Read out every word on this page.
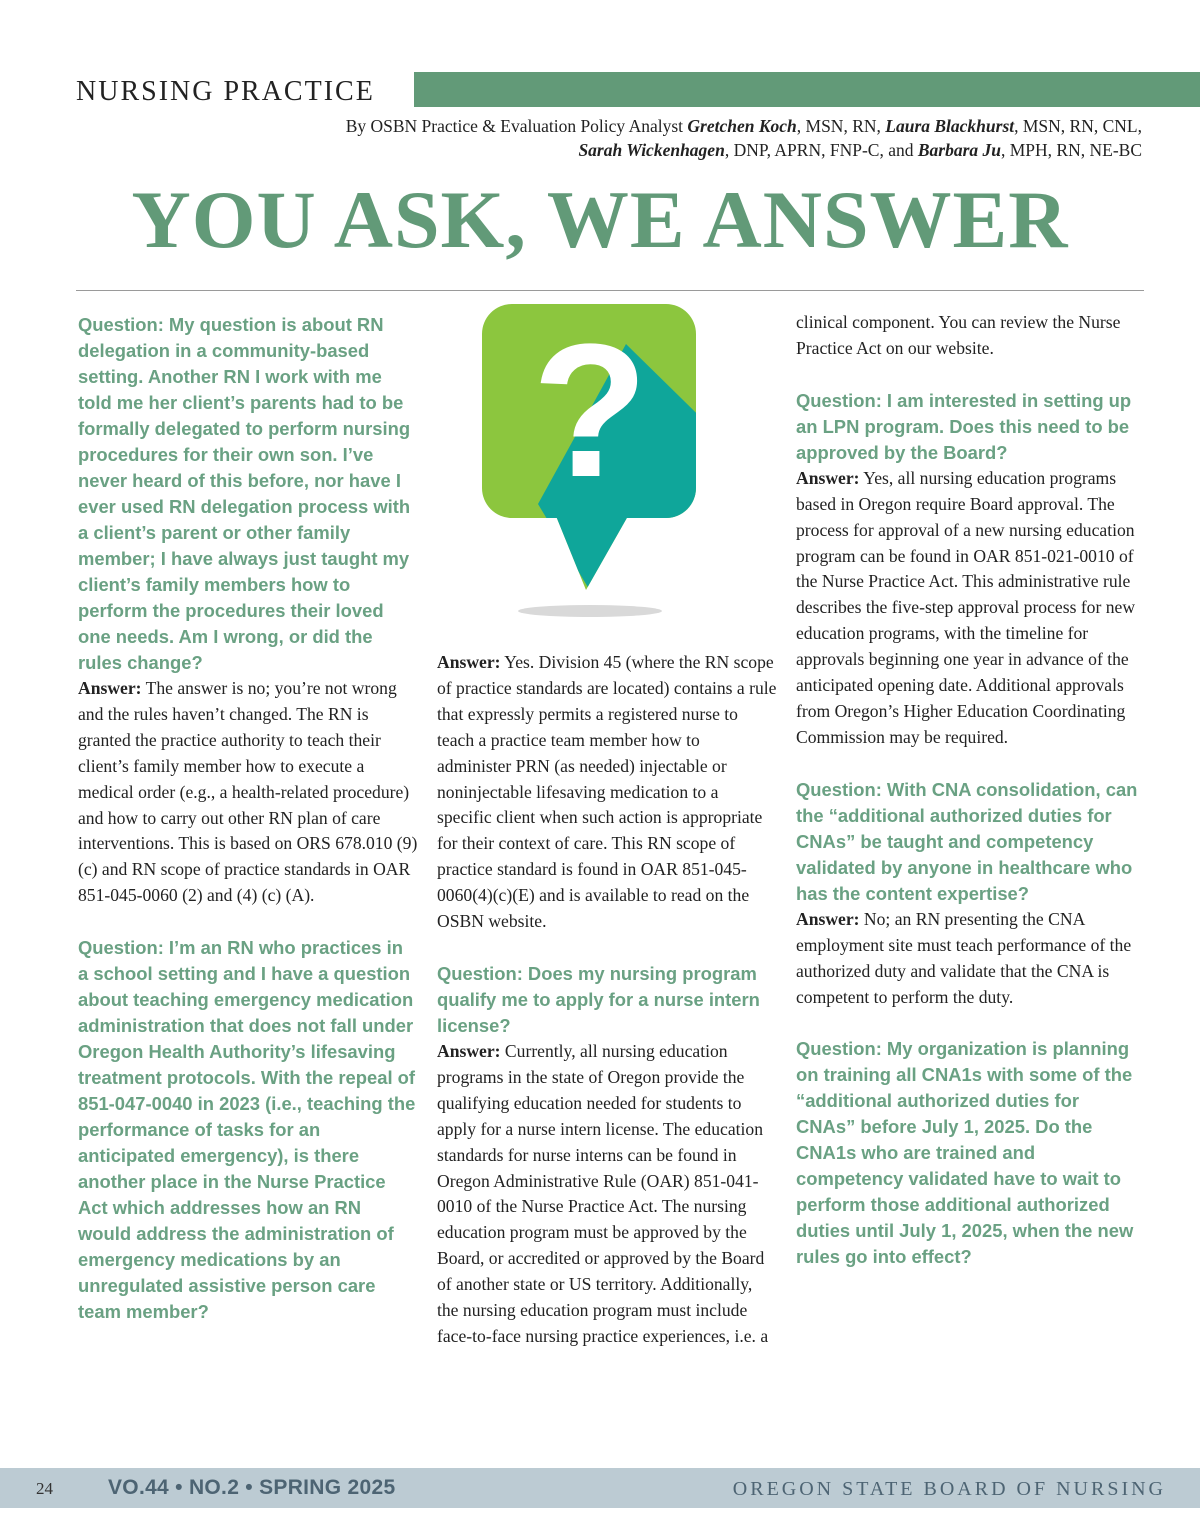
NURSING PRACTICE
By OSBN Practice & Evaluation Policy Analyst Gretchen Koch, MSN, RN, Laura Blackhurst, MSN, RN, CNL,
Sarah Wickenhagen, DNP, APRN, FNP-C, and Barbara Ju, MPH, RN, NE-BC
YOU ASK, WE ANSWER

Question: My question is about RN delegation in a community-based setting. Another RN I work with me told me her client’s parents had to be formally delegated to perform nursing procedures for their own son. I’ve never heard of this before, nor have I ever used RN delegation process with a client’s parent or other family member; I have always just taught my client’s family members how to perform the procedures their loved one needs. Am I wrong, or did the rules change?

Answer: The answer is no; you’re not wrong and the rules haven’t changed. The RN is granted the practice authority to teach their client’s family member how to execute a medical order (e.g., a health-related procedure) and how to carry out other RN plan of care interventions. This is based on ORS 678.010 (9) (c) and RN scope of practice standards in OAR 851-045-0060 (2) and (4) (c) (A).

Question: I’m an RN who practices in a school setting and I have a question about teaching emergency medication administration that does not fall under Oregon Health Authority’s lifesaving treatment protocols. With the repeal of 851-047-0040 in 2023 (i.e., teaching the performance of tasks for an anticipated emergency), is there another place in the Nurse Practice Act which addresses how an RN would address the administration of emergency medications by an unregulated assistive person care team member?

?

Answer: Yes. Division 45 (where the RN scope of practice standards are located) contains a rule that expressly permits a registered nurse to teach a practice team member how to administer PRN (as needed) injectable or noninjectable lifesaving medication to a specific client when such action is appropriate for their context of care. This RN scope of practice standard is found in OAR 851-045-0060(4)(c)(E) and is available to read on the OSBN website.

Question: Does my nursing program qualify me to apply for a nurse intern license?

Answer: Currently, all nursing education programs in the state of Oregon provide the qualifying education needed for students to apply for a nurse intern license. The education standards for nurse interns can be found in Oregon Administrative Rule (OAR) 851-041-0010 of the Nurse Practice Act. The nursing education program must be approved by the Board, or accredited or approved by the Board of another state or US territory. Additionally, the nursing education program must include face-to-face nursing practice experiences, i.e. a

clinical component. You can review the Nurse Practice Act on our website.

Question: I am interested in setting up an LPN program. Does this need to be approved by the Board?

Answer: Yes, all nursing education programs based in Oregon require Board approval. The process for approval of a new nursing education program can be found in OAR 851-021-0010 of the Nurse Practice Act. This administrative rule describes the five-step approval process for new education programs, with the timeline for approvals beginning one year in advance of the anticipated opening date. Additional approvals from Oregon’s Higher Education Coordinating Commission may be required.

Question: With CNA consolidation, can the “additional authorized duties for CNAs” be taught and competency validated by anyone in healthcare who has the content expertise?

Answer: No; an RN presenting the CNA employment site must teach performance of the authorized duty and validate that the CNA is competent to perform the duty.

Question: My organization is planning on training all CNA1s with some of the “additional authorized duties for CNAs” before July 1, 2025. Do the CNA1s who are trained and competency validated have to wait to perform those additional authorized duties until July 1, 2025, when the new rules go into effect?

24	VO.44 • NO.2 • SPRING 2025	OREGON STATE BOARD OF NURSING
